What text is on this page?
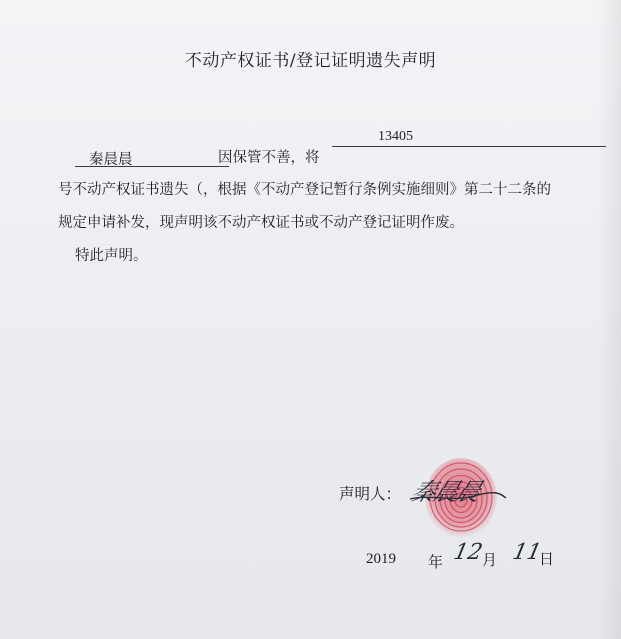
不动产权证书/登记证明遗失声明
秦晨晨	因保管不善，将
13405
号不动产权证书遗失（，根据《不动产登记暂行条例实施细则》第二十二条的
规定申请补发，现声明该不动产权证书或不动产登记证明作废。
特此声明。
声明人： 秦晨晨
2019 年 12
月 11
日
